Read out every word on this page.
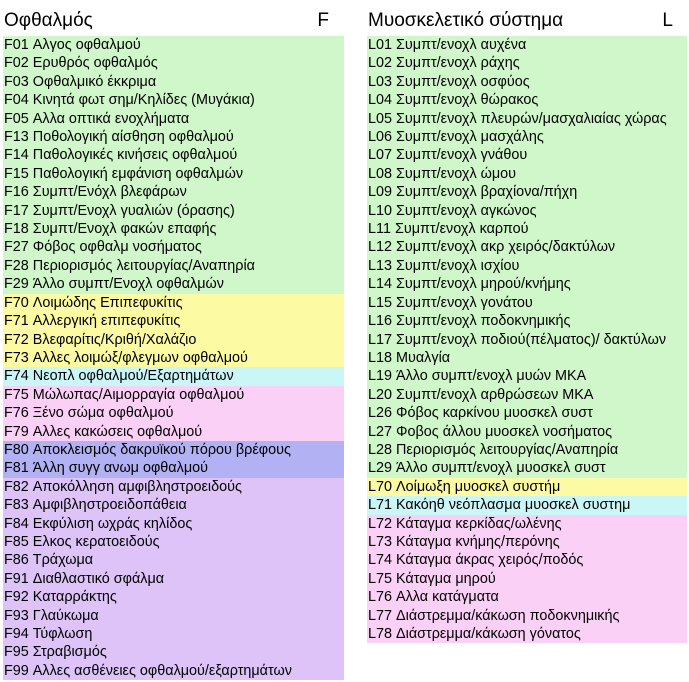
Οφθαλμός	F
F01 Αλγος οφθαλμού
F02 Ερυθρός οφθαλμός
F03 Οφθαλμικό έκκριμα
F04 Κινητά φωτ σημ/Κηλίδες (Μυγάκια)
F05 Αλλα οπτικά ενοχλήματα
F13 Ποθολογική αίσθηση οφθαλμού
F14 Παθολογικές κινήσεις οφθαλμού
F15 Παθολογική εμφάνιση οφθαλμών
F16 Συμπτ/Ενόχλ βλεφάρων
F17 Συμπτ/Ενοχλ γυαλιών (όρασης)
F18 Συμπτ/Ενοχλ φακών επαφής
F27 Φόβος οφθαλμ νοσήματος
F28 Περιορισμός λειτουργίας/Αναπηρία
F29 Άλλο συμπτ/Ενοχλ οφθαλμών
F70 Λοιμώδης Επιπεφυκίτις
F71 Αλλεργική επιπεφυκίτις
F72 Βλεφαρίτις/Κριθή/Χαλάζιο
F73 Αλλες λοιμώξ/φλεγμων οφθαλμού
F74 Νεοπλ οφθαλμού/Εξαρτημάτων
F75 Μώλωπας/Αιμορραγία οφθαλμού
F76 Ξένο σώμα οφθαλμού
F79 Αλλες κακώσεις οφθαλμού
F80 Αποκλεισμός δακρυϊκού πόρου βρέφους
F81 Άλλη συγγ ανωμ οφθαλμού
F82 Αποκόλληση αμφιβληστροειδούς
F83 Αμφιβληστροειδοπάθεια
F84 Εκφύλιση ωχράς κηλίδος
F85 Ελκος κερατοειδούς
F86 Τράχωμα
F91 Διαθλαστικό σφάλμα
F92 Καταρράκτης
F93 Γλαύκωμα
F94 Τύφλωση
F95 Στραβισμός
F99 Αλλες ασθένειες οφθαλμού/εξαρτημάτων
Μυοσκελετικό σύστημα	L
L01 Συμπτ/ενοχλ αυχένα
L02 Συμπτ/ενοχλ ράχης
L03 Συμπτ/ενοχλ οσφύος
L04 Συμπτ/ενοχλ θώρακος
L05 Συμπτ/ενοχλ πλευρών/μασχαλιαίας χώρας
L06 Συμπτ/ενοχλ μασχάλης
L07 Συμπτ/ενοχλ γνάθου
L08 Συμπτ/ενοχλ ώμου
L09 Συμπτ/ενοχλ βραχίονα/πήχη
L10 Συμπτ/ενοχλ αγκώνος
L11 Συμπτ/ενοχλ καρπού
L12 Συμπτ/ενοχλ ακρ χειρός/δακτύλων
L13 Συμπτ/ενοχλ ισχίου
L14 Συμπτ/ενοχλ μηρού/κνήμης
L15 Συμπτ/ενοχλ γονάτου
L16 Συμπτ/ενοχλ ποδοκνημικής
L17 Συμπτ/ενοχλ ποδιού(πέλματος)/ δακτύλων
L18 Μυαλγία
L19 Άλλο συμπτ/ενοχλ μυών ΜΚΑ
L20 Συμπτ/ενοχλ αρθρώσεων ΜΚΑ
L26 Φόβος καρκίνου μυοσκελ συστ
L27 Φοβος άλλου μυοσκελ νοσήματος
L28 Περιορισμός λειτουργίας/Αναπηρία
L29 Άλλο συμπτ/ενοχλ μυοσκελ συστ
L70 Λοίμωξη μυοσκελ συστήμ
L71 Κακόηθ νεόπλασμα μυοσκελ συστημ
L72 Κάταγμα κερκίδας/ωλένης
L73 Κάταγμα κνήμης/περόνης
L74 Κάταγμα άκρας χειρός/ποδός
L75 Κάταγμα μηρού
L76 Αλλα κατάγματα
L77 Διάστρεμμα/κάκωση ποδοκνημικής
L78 Διάστρεμμα/κάκωση γόνατος
